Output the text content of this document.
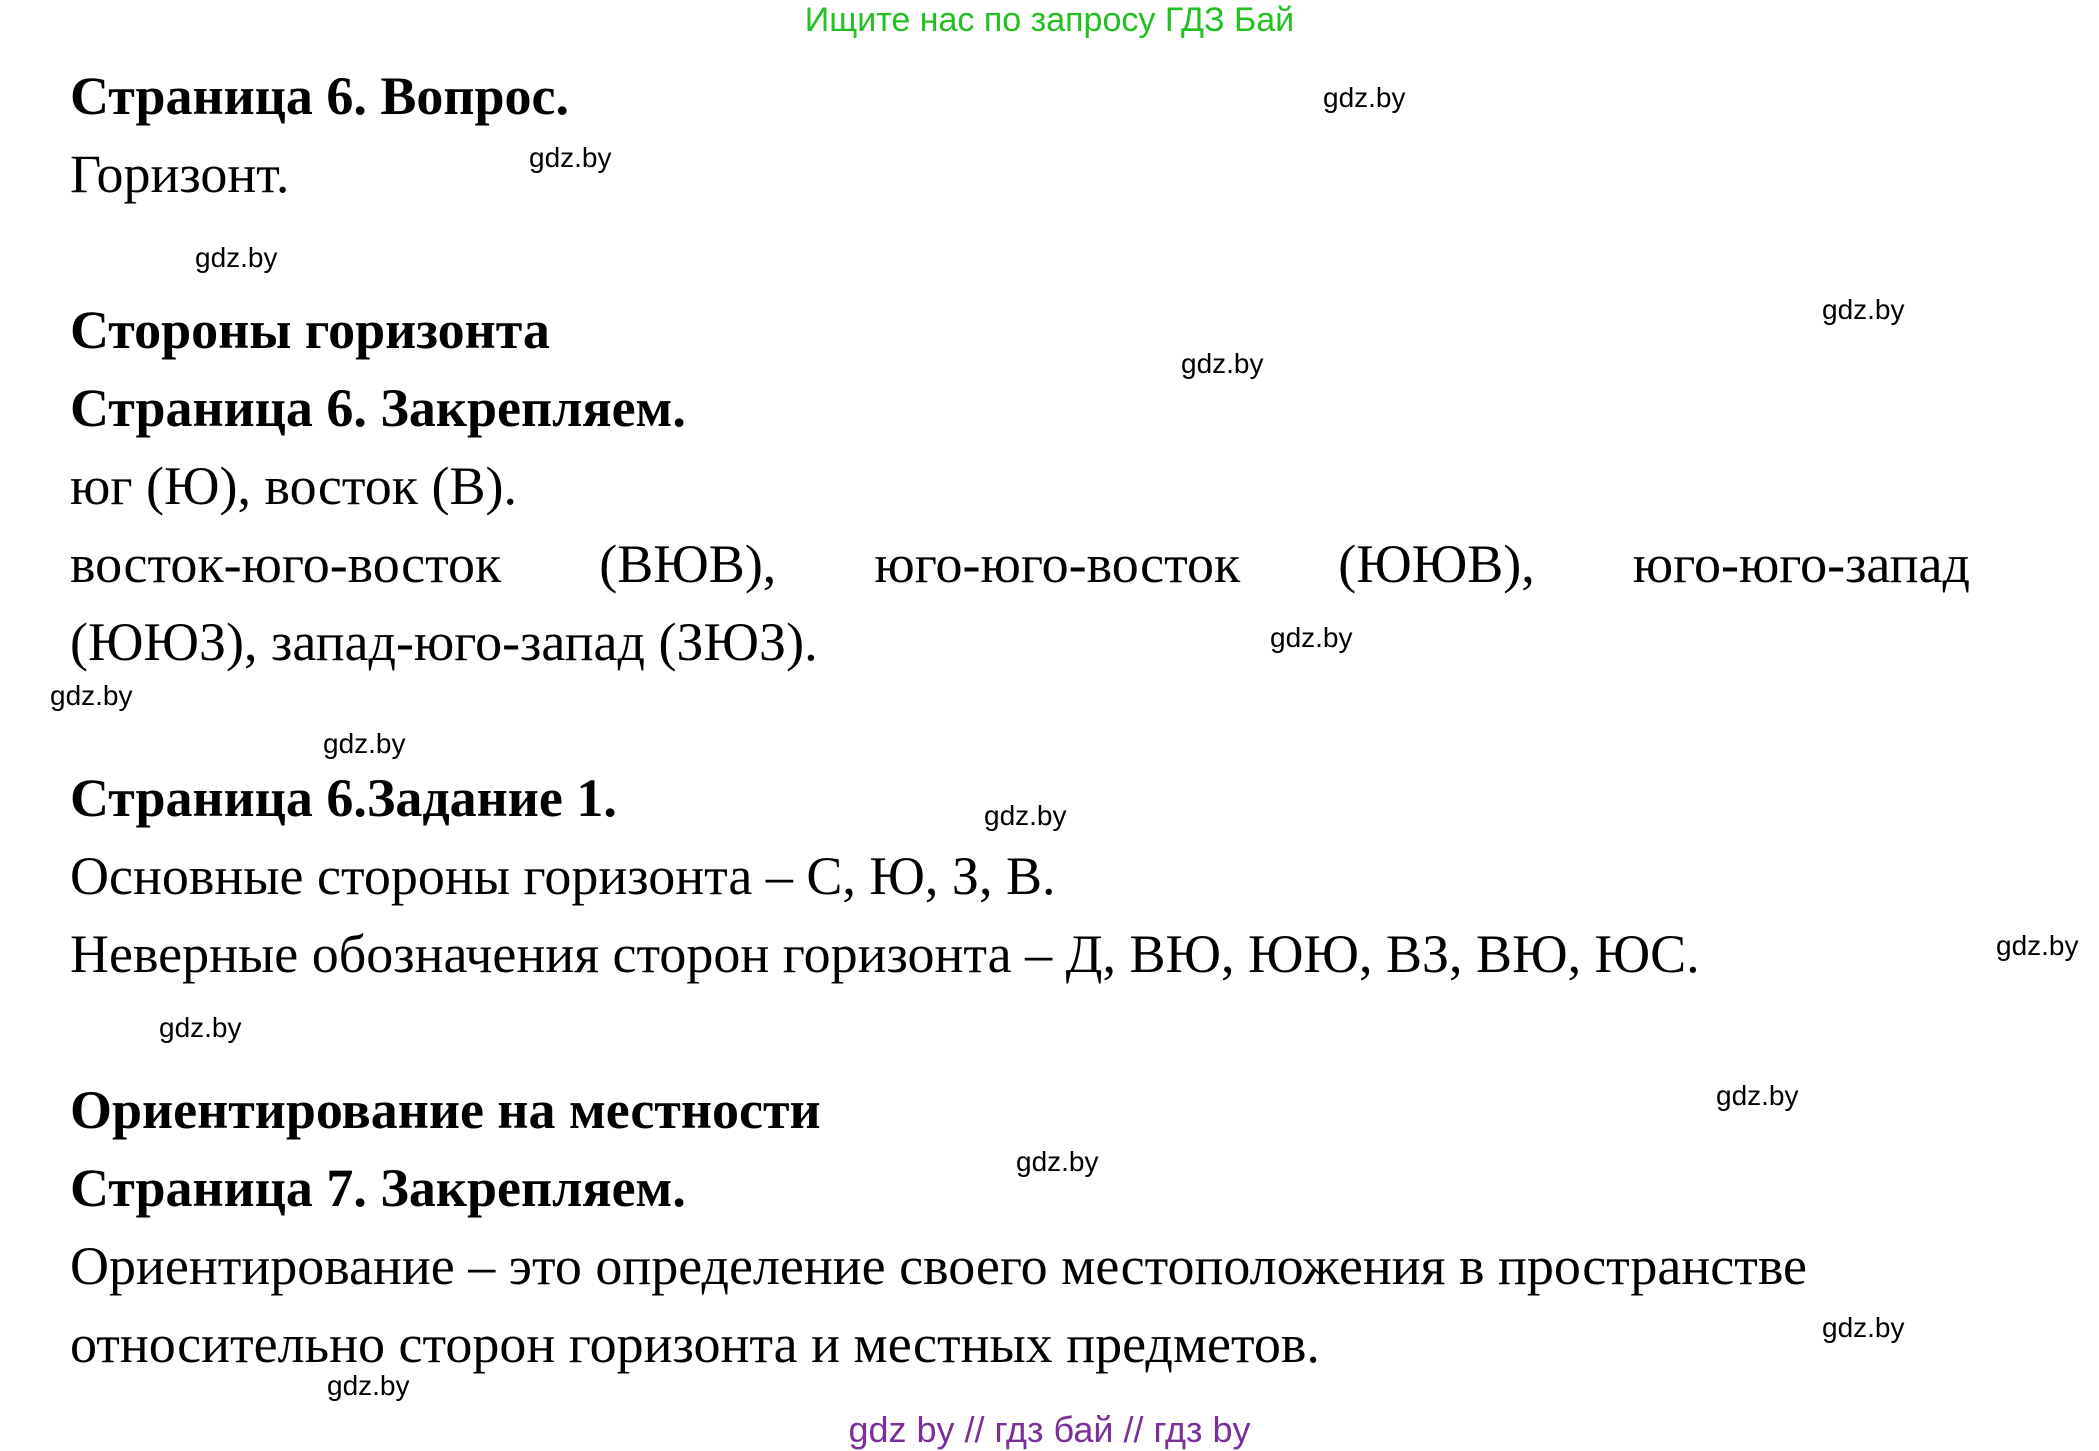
Ищите нас по запросу ГДЗ Бай
Страница 6. Вопрос.
Горизонт.
Стороны горизонта
Страница 6. Закрепляем.
юг (Ю), восток (В).
восток-юго-восток (ВЮВ), юго-юго-восток (ЮЮВ), юго-юго-запад
(ЮЮЗ), запад-юго-запад (ЗЮЗ).
Страница 6.Задание 1.
Основные стороны горизонта – С, Ю, З, В.
Неверные обозначения сторон горизонта – Д, ВЮ, ЮЮ, ВЗ, ВЮ, ЮС.
Ориентирование на местности
Страница 7. Закрепляем.
Ориентирование – это определение своего местоположения в пространстве
относительно сторон горизонта и местных предметов.
gdz.by
gdz.by
gdz.by
gdz.by
gdz.by
gdz.by
gdz.by
gdz.by
gdz.by
gdz.by
gdz.by
gdz.by
gdz.by
gdz.by
gdz.by
gdz by // гдз бай // гдз by
